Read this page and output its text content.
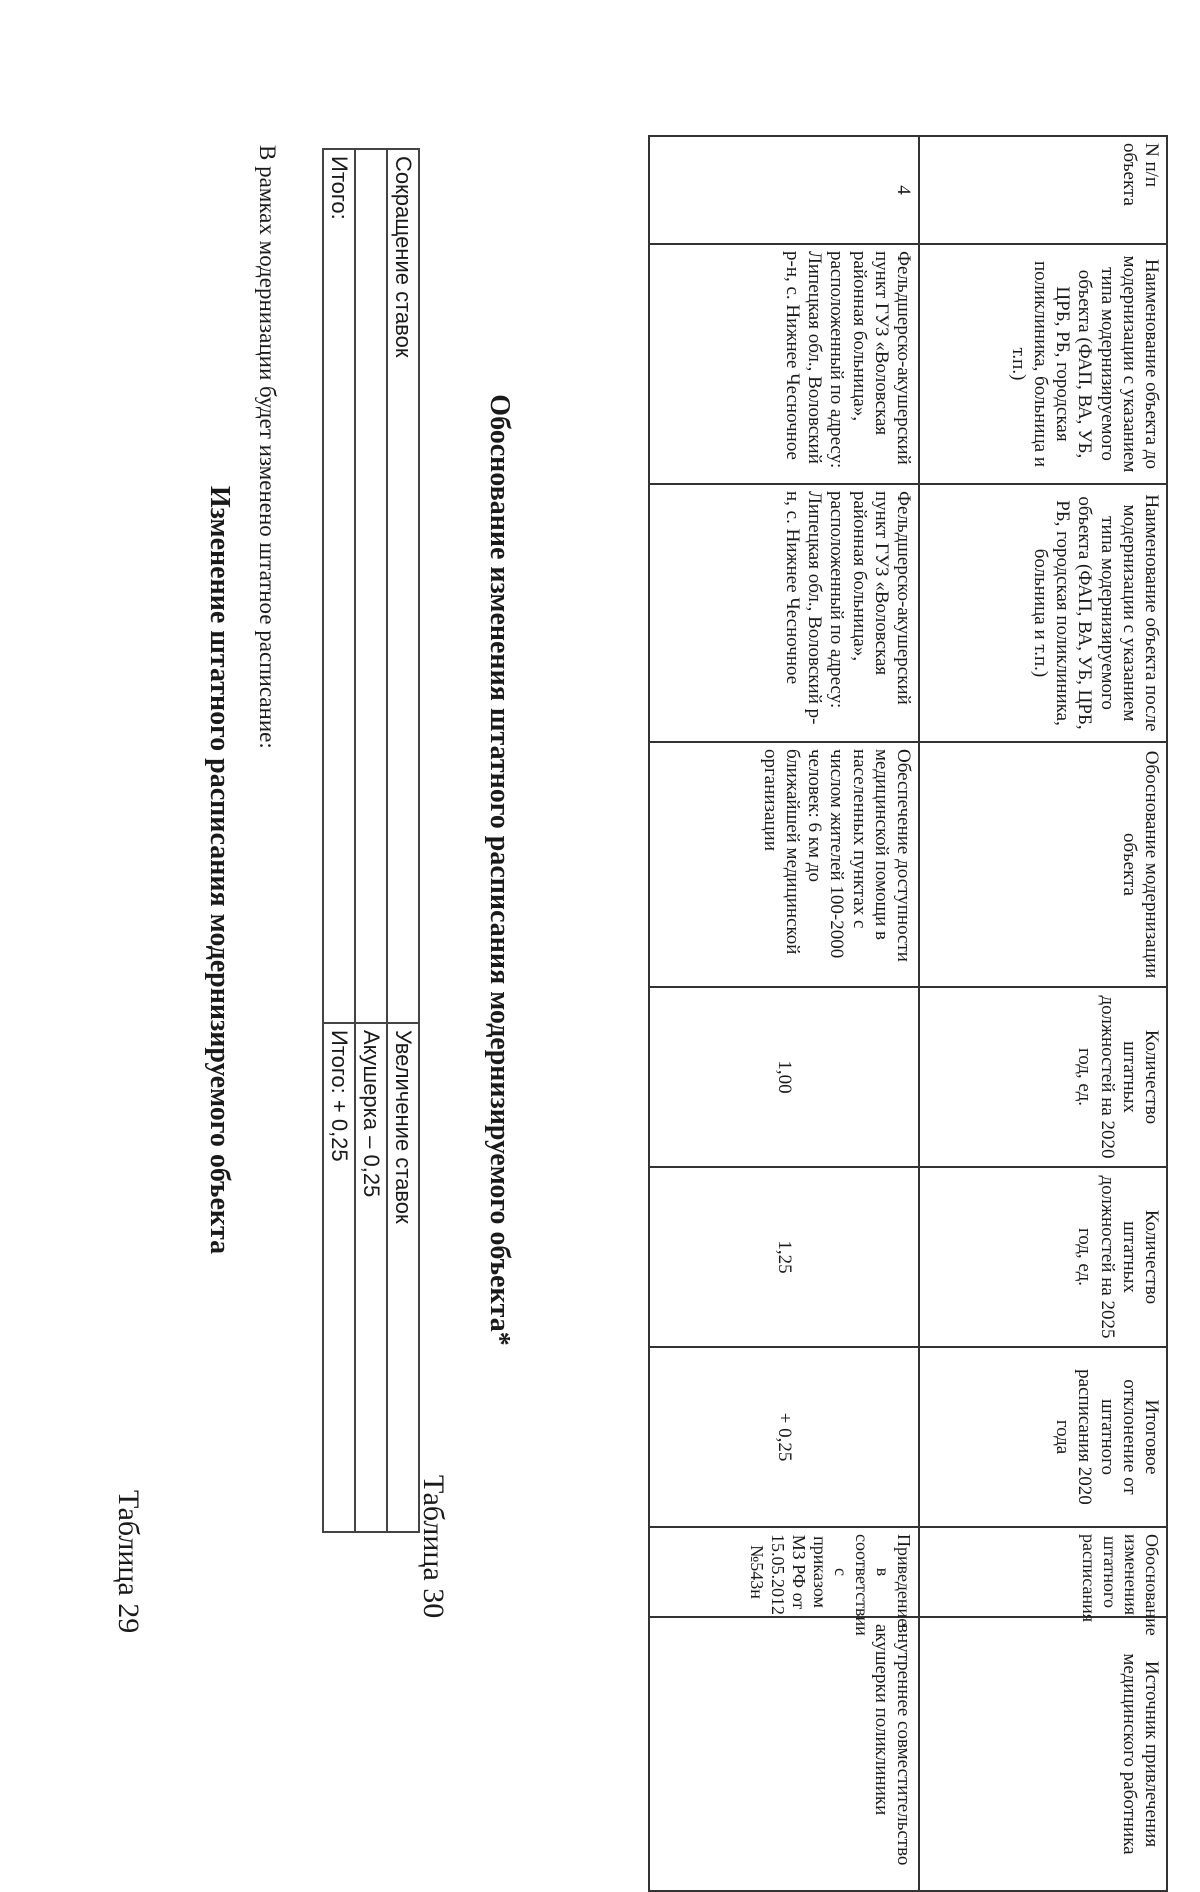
Таблица 29
Изменение штатного расписания модернизируемого объекта
В рамках модернизации будет изменено штатное расписание:	Сокращение ставок	Увеличение ставок
	Акушерка – 0,25
Итого:	Итого: + 0,25
Таблица 30
Обоснование изменения штатного расписания модернизируемого объекта*
N п/п объекта	Наименование объекта до модернизации с указанием типа модернизируемого объекта (ФАП, ВА, УБ, ЦРБ, РБ, городская поликлиника, больница и т.п.)	Наименование объекта после модернизации с указанием типа модернизируемого объекта (ФАП, ВА, УБ, ЦРБ, РБ, городская поликлиника, больница и т.п.)	Обоснование модернизации объекта	Количество штатных должностей на 2020 год, ед.	Количество штатных должностей на 2025 год, ед.	Итоговое отклонение от штатного расписания 2020 года	Обоснование изменения штатного расписания	Источник привлечения медицинского работника
4	Фельдшерско-акушерский пункт ГУЗ «Воловская районная больница», расположенный по адресу: Липецкая обл., Воловский р-н, с. Нижнее Чесночное	Фельдшерско-акушерский пункт ГУЗ «Воловская районная больница», расположенный по адресу: Липецкая обл., Воловский р-н, с. Нижнее Чесночное	Обеспечение доступности медицинской помощи в населенных пунктах с числом жителей 100-2000 человек: 6 км до ближайшей медицинской организации	1,00	1,25	+ 0,25	Приведение в соответствии с приказом МЗ РФ от 15.05.2012 №543н	внутреннее совместительство акушерки поликлиники
